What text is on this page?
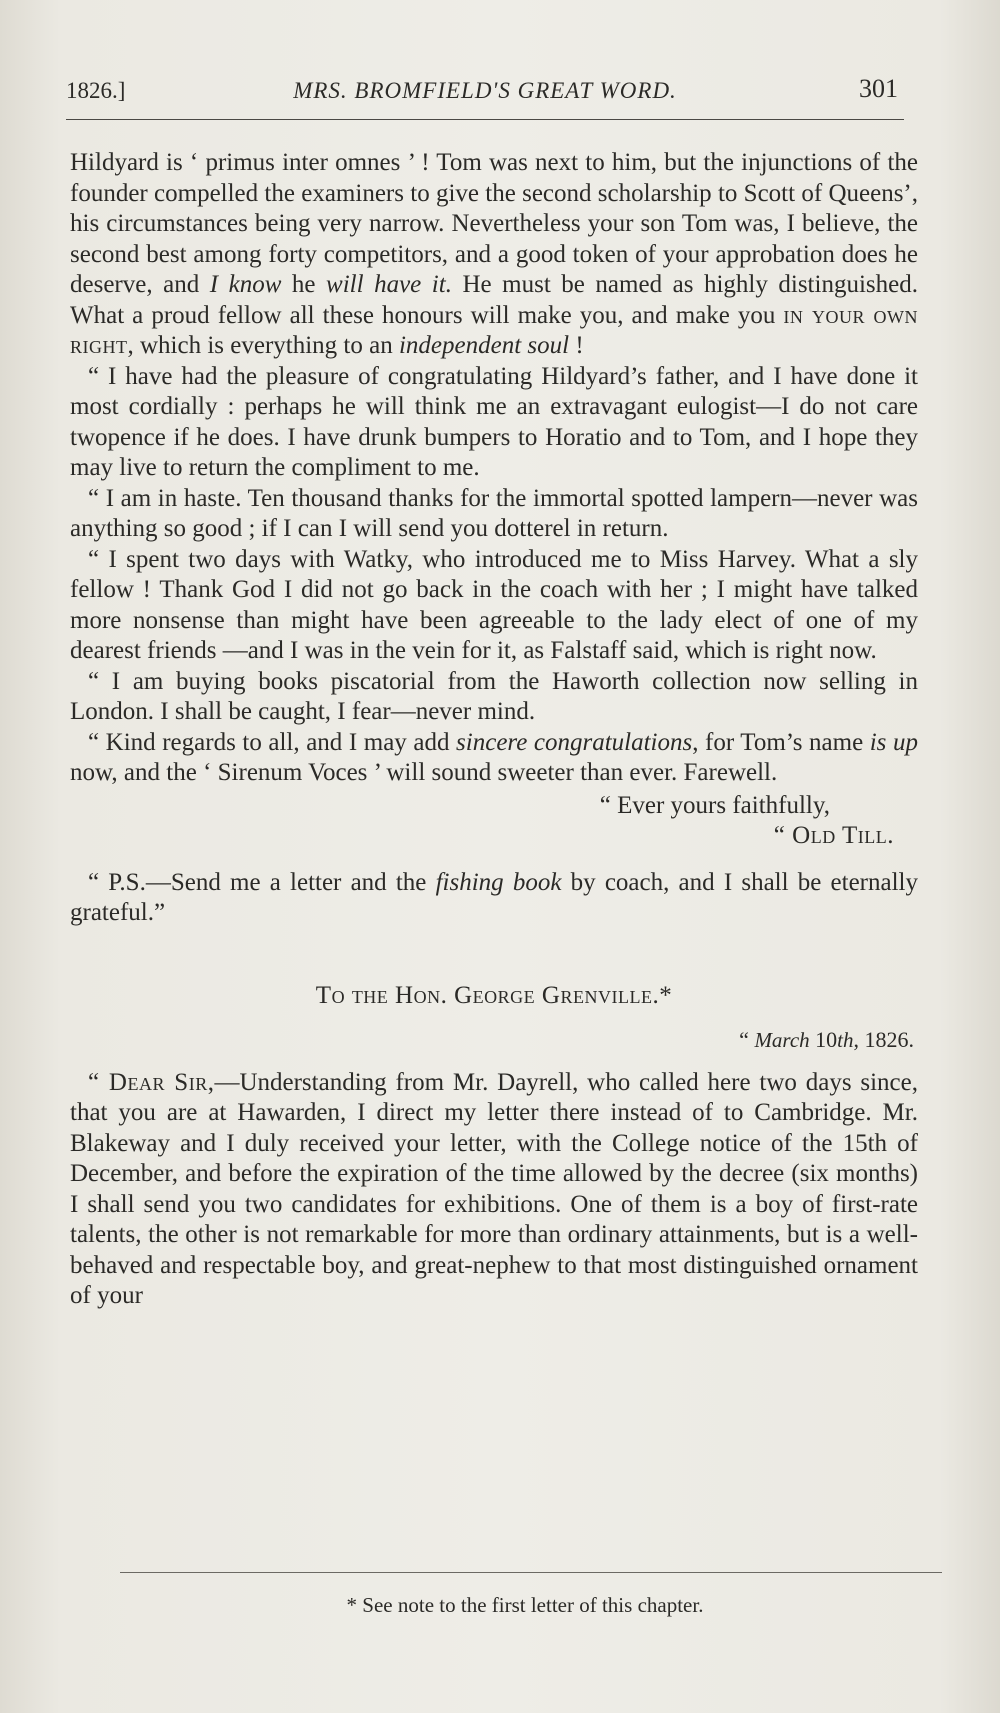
1826.]	MRS. BROMFIELD'S GREAT WORD.	301

Hildyard is ‘ primus inter omnes ’ ! Tom was next to him, but the injunctions of the founder compelled the examiners to give the second scholarship to Scott of Queens’, his circumstances being very narrow. Nevertheless your son Tom was, I believe, the second best among forty competitors, and a good token of your approbation does he deserve, and I know he will have it. He must be named as highly distinguished. What a proud fellow all these honours will make you, and make you in your own right, which is everything to an independent soul !

“ I have had the pleasure of congratulating Hildyard’s father, and I have done it most cordially : perhaps he will think me an extravagant eulogist—I do not care twopence if he does. I have drunk bumpers to Horatio and to Tom, and I hope they may live to return the compliment to me.

“ I am in haste. Ten thousand thanks for the immortal spotted lampern—never was anything so good ; if I can I will send you dotterel in return.

“ I spent two days with Watky, who introduced me to Miss Harvey. What a sly fellow ! Thank God I did not go back in the coach with her ; I might have talked more nonsense than might have been agreeable to the lady elect of one of my dearest friends —and I was in the vein for it, as Falstaff said, which is right now.

“ I am buying books piscatorial from the Haworth collection now selling in London. I shall be caught, I fear—never mind.

“ Kind regards to all, and I may add sincere congratulations, for Tom’s name is up now, and the ‘ Sirenum Voces ’ will sound sweeter than ever. Farewell.

“ Ever yours faithfully,

“ Old Till.

“ P.S.—Send me a letter and the fishing book by coach, and I shall be eternally grateful.”

To the Hon. George Grenville.*

“ March 10th, 1826.

“ Dear Sir,—Understanding from Mr. Dayrell, who called here two days since, that you are at Hawarden, I direct my letter there instead of to Cambridge. Mr. Blakeway and I duly received your letter, with the College notice of the 15th of December, and before the expiration of the time allowed by the decree (six months) I shall send you two candidates for exhibitions. One of them is a boy of first-rate talents, the other is not remarkable for more than ordinary attainments, but is a well-behaved and respectable boy, and great-nephew to that most distinguished ornament of your

* See note to the first letter of this chapter.
